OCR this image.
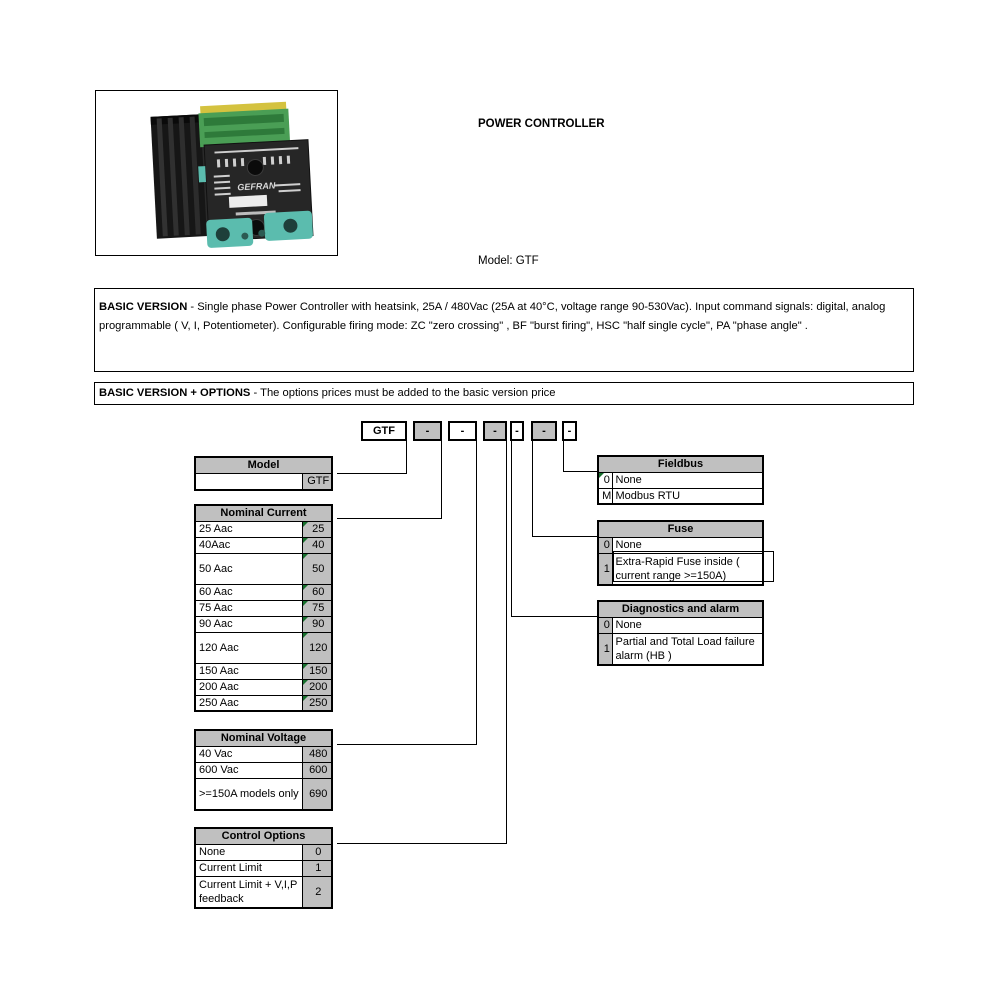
GEFRAN
POWER CONTROLLER
Model: GTF
BASIC VERSION - Single phase Power Controller with heatsink, 25A / 480Vac (25A at 40°C, voltage range 90-530Vac). Input command signals: digital, analog programmable ( V, I, Potentiometer). Configurable firing mode: ZC "zero crossing" , BF "burst firing", HSC "half single cycle", PA "phase angle" .
BASIC VERSION + OPTIONS - The options prices must be added to the basic version price
GTF	-	-	-	-	-	-
Model
	GTF
Nominal Current	
25 Aac	25
40Aac	40
50 Aac	50
60 Aac	60
75 Aac	75
90 Aac	90
120 Aac	120
150 Aac	150
200 Aac	200
250 Aac	250
Nominal Voltage	
40 Vac	480
600 Vac	600
>=150A models only	690
Control Options	
None	0
Current Limit	1
Current Limit + V,I,P feedback	2
Fieldbus	

0	None
M	Modbus RTU
Fuse	
0	None
1	Extra-Rapid Fuse inside ( current range >=150A)
Diagnostics and alarm	
0	None
1	Partial and Total Load failure alarm (HB )
